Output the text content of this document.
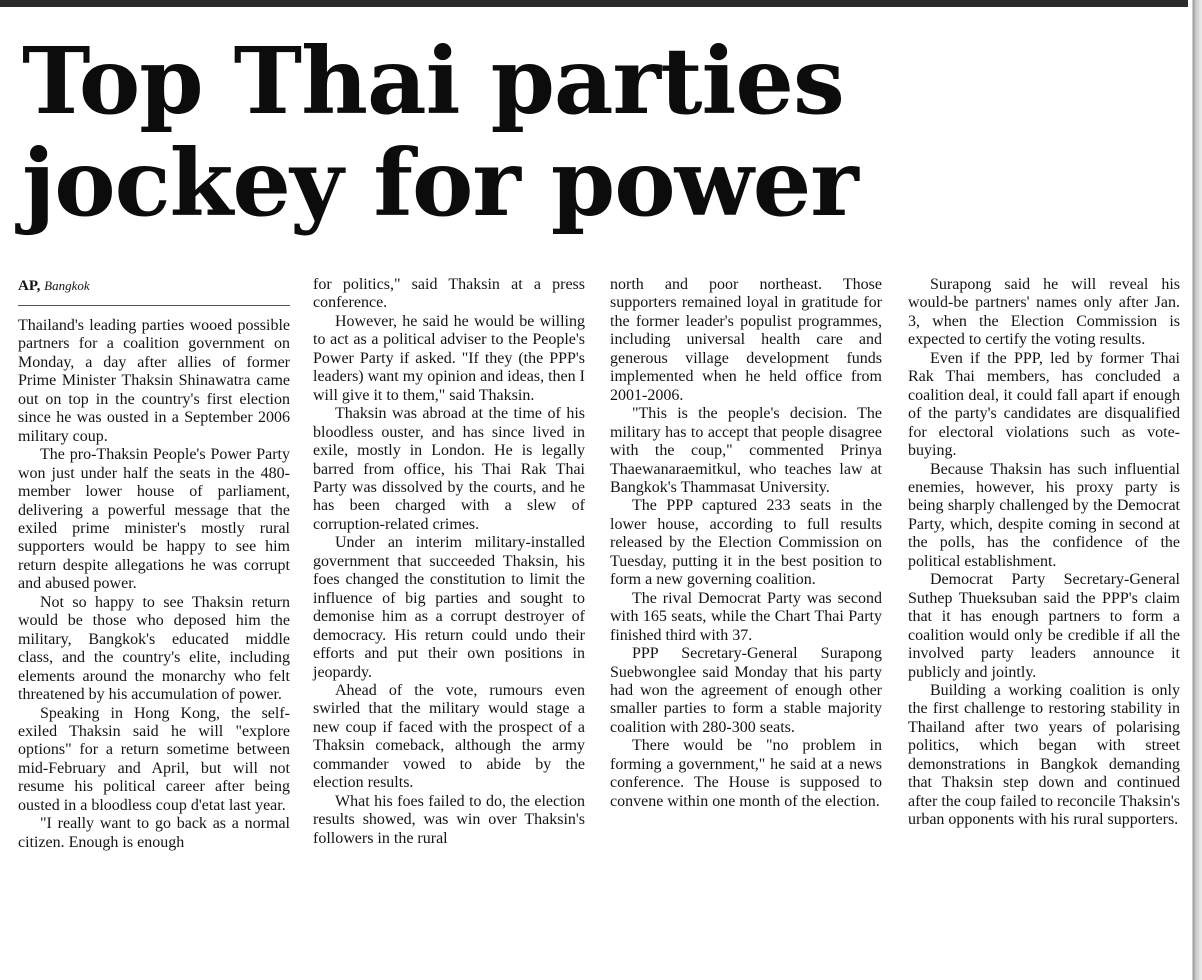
Top Thai parties jockey for power
AP, Bangkok

Thailand's leading parties wooed possible partners for a coalition government on Monday, a day after allies of former Prime Minister Thaksin Shinawatra came out on top in the country's first election since he was ousted in a September 2006 military coup.

The pro-Thaksin People's Power Party won just under half the seats in the 480-member lower house of parliament, delivering a powerful message that the exiled prime minister's mostly rural supporters would be happy to see him return despite allegations he was corrupt and abused power.

Not so happy to see Thaksin return would be those who deposed him the military, Bangkok's educated middle class, and the country's elite, including elements around the monarchy who felt threatened by his accumulation of power.

Speaking in Hong Kong, the self-exiled Thaksin said he will "explore options" for a return sometime between mid-February and April, but will not resume his political career after being ousted in a bloodless coup d'etat last year.

"I really want to go back as a normal citizen. Enough is enough

for politics," said Thaksin at a press conference.

However, he said he would be willing to act as a political adviser to the People's Power Party if asked. "If they (the PPP's leaders) want my opinion and ideas, then I will give it to them," said Thaksin.

Thaksin was abroad at the time of his bloodless ouster, and has since lived in exile, mostly in London. He is legally barred from office, his Thai Rak Thai Party was dissolved by the courts, and he has been charged with a slew of corruption-related crimes.

Under an interim military-installed government that succeeded Thaksin, his foes changed the constitution to limit the influence of big parties and sought to demonise him as a corrupt destroyer of democracy. His return could undo their efforts and put their own positions in jeopardy.

Ahead of the vote, rumours even swirled that the military would stage a new coup if faced with the prospect of a Thaksin comeback, although the army commander vowed to abide by the election results.

What his foes failed to do, the election results showed, was win over Thaksin's followers in the rural

north and poor northeast. Those supporters remained loyal in gratitude for the former leader's populist programmes, including universal health care and generous village development funds implemented when he held office from 2001-2006.

"This is the people's decision. The military has to accept that people disagree with the coup," commented Prinya Thaewanaraemitkul, who teaches law at Bangkok's Thammasat University.

The PPP captured 233 seats in the lower house, according to full results released by the Election Commission on Tuesday, putting it in the best position to form a new governing coalition.

The rival Democrat Party was second with 165 seats, while the Chart Thai Party finished third with 37.

PPP Secretary-General Surapong Suebwonglee said Monday that his party had won the agreement of enough other smaller parties to form a stable majority coalition with 280-300 seats.

There would be "no problem in forming a government," he said at a news conference. The House is supposed to convene within one month of the election.

Surapong said he will reveal his would-be partners' names only after Jan. 3, when the Election Commission is expected to certify the voting results.

Even if the PPP, led by former Thai Rak Thai members, has concluded a coalition deal, it could fall apart if enough of the party's candidates are disqualified for electoral violations such as vote-buying.

Because Thaksin has such influential enemies, however, his proxy party is being sharply challenged by the Democrat Party, which, despite coming in second at the polls, has the confidence of the political establishment.

Democrat Party Secretary-General Suthep Thueksuban said the PPP's claim that it has enough partners to form a coalition would only be credible if all the involved party leaders announce it publicly and jointly.

Building a working coalition is only the first challenge to restoring stability in Thailand after two years of polarising politics, which began with street demonstrations in Bangkok demanding that Thaksin step down and continued after the coup failed to reconcile Thaksin's urban opponents with his rural supporters.
